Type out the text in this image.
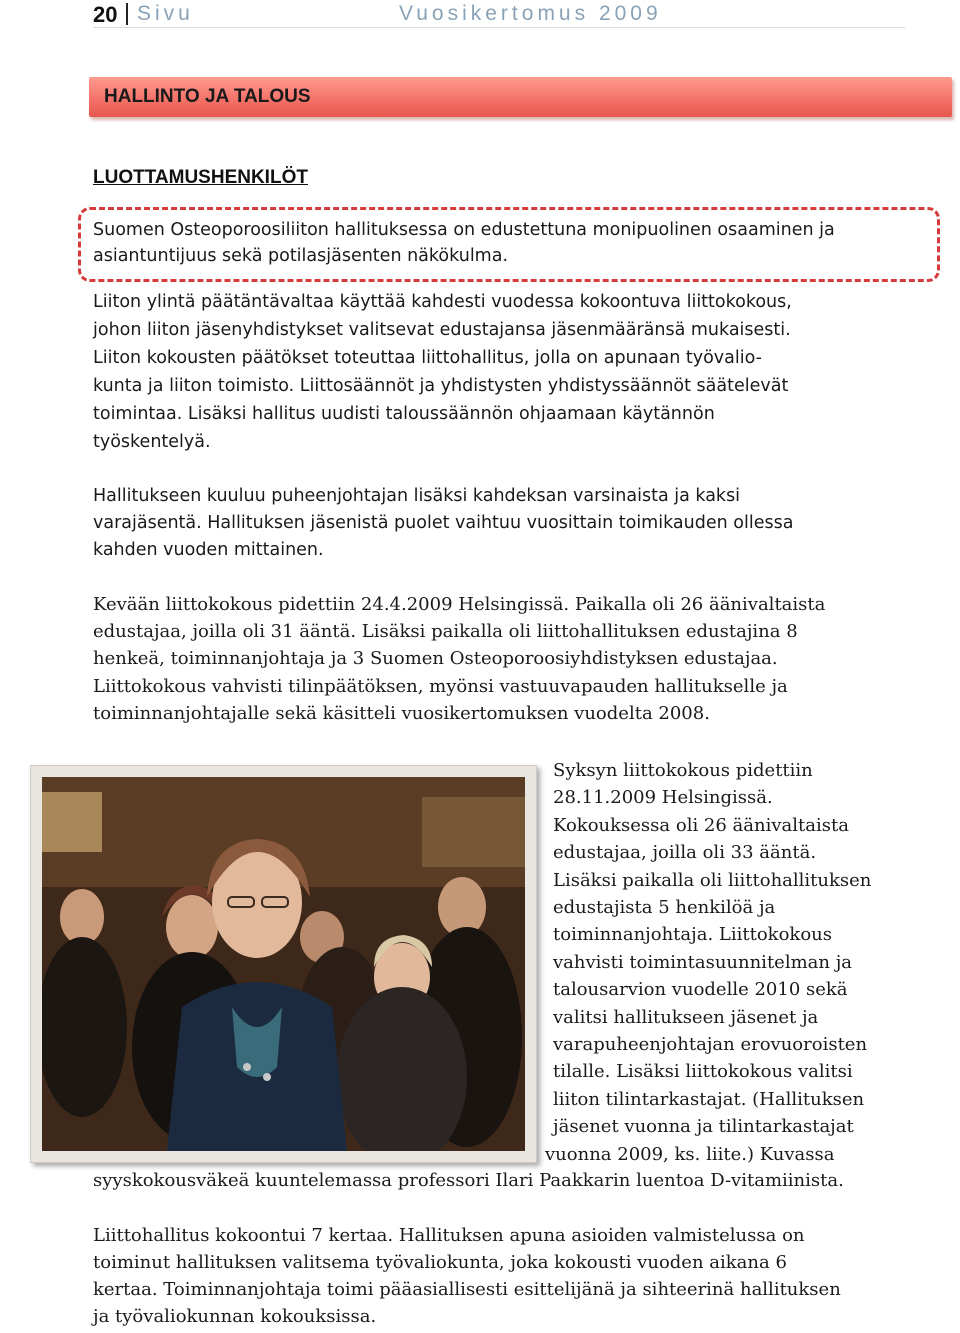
20 Sivu	Vuosikertomus 2009
HALLINTO JA TALOUS
LUOTTAMUSHENKILÖT
Suomen Osteoporoosiliiton hallituksessa on edustettuna monipuolinen osaaminen ja
asiantuntijuus sekä potilasjäsenten näkökulma.
Liiton ylintä päätäntävaltaa käyttää kahdesti vuodessa kokoontuva liittokokous,
johon liiton jäsenyhdistykset valitsevat edustajansa jäsenmääränsä mukaisesti.
Liiton kokousten päätökset toteuttaa liittohallitus, jolla on apunaan työvalio-
kunta ja liiton toimisto. Liittosäännöt ja yhdistysten yhdistyssäännöt säätelevät
toimintaa. Lisäksi hallitus uudisti taloussäännön ohjaamaan käytännön
työskentelyä.
Hallitukseen kuuluu puheenjohtajan lisäksi kahdeksan varsinaista ja kaksi
varajäsentä. Hallituksen jäsenistä puolet vaihtuu vuosittain toimikauden ollessa
kahden vuoden mittainen.
Kevään liittokokous pidettiin 24.4.2009 Helsingissä. Paikalla oli 26 äänivaltaista
edustajaa, joilla oli 31 ääntä. Lisäksi paikalla oli liittohallituksen edustajina 8
henkeä, toiminnanjohtaja ja 3 Suomen Osteoporoosiyhdistyksen edustajaa.
Liittokokous vahvisti tilinpäätöksen, myönsi vastuuvapauden hallitukselle ja
toiminnanjohtajalle sekä käsitteli vuosikertomuksen vuodelta 2008.
Syksyn liittokokous pidettiin
28.11.2009 Helsingissä.
Kokouksessa oli 26 äänivaltaista
edustajaa, joilla oli 33 ääntä.
Lisäksi paikalla oli liittohallituksen
edustajista 5 henkilöä ja
toiminnanjohtaja. Liittokokous
vahvisti toimintasuunnitelman ja
talousarvion vuodelle 2010 sekä
valitsi hallitukseen jäsenet ja
varapuheenjohtajan erovuoroisten
tilalle. Lisäksi liittokokous valitsi
liiton tilintarkastajat. (Hallituksen
jäsenet vuonna ja tilintarkastajat
vuonna 2009, ks. liite.) Kuvassa
syyskokousväkeä kuuntelemassa professori Ilari Paakkarin luentoa D-vitamiinista.
Liittohallitus kokoontui 7 kertaa. Hallituksen apuna asioiden valmistelussa on
toiminut hallituksen valitsema työvaliokunta, joka kokousti vuoden aikana 6
kertaa. Toiminnanjohtaja toimi pääasiallisesti esittelijänä ja sihteerinä hallituksen
ja työvaliokunnan kokouksissa.
